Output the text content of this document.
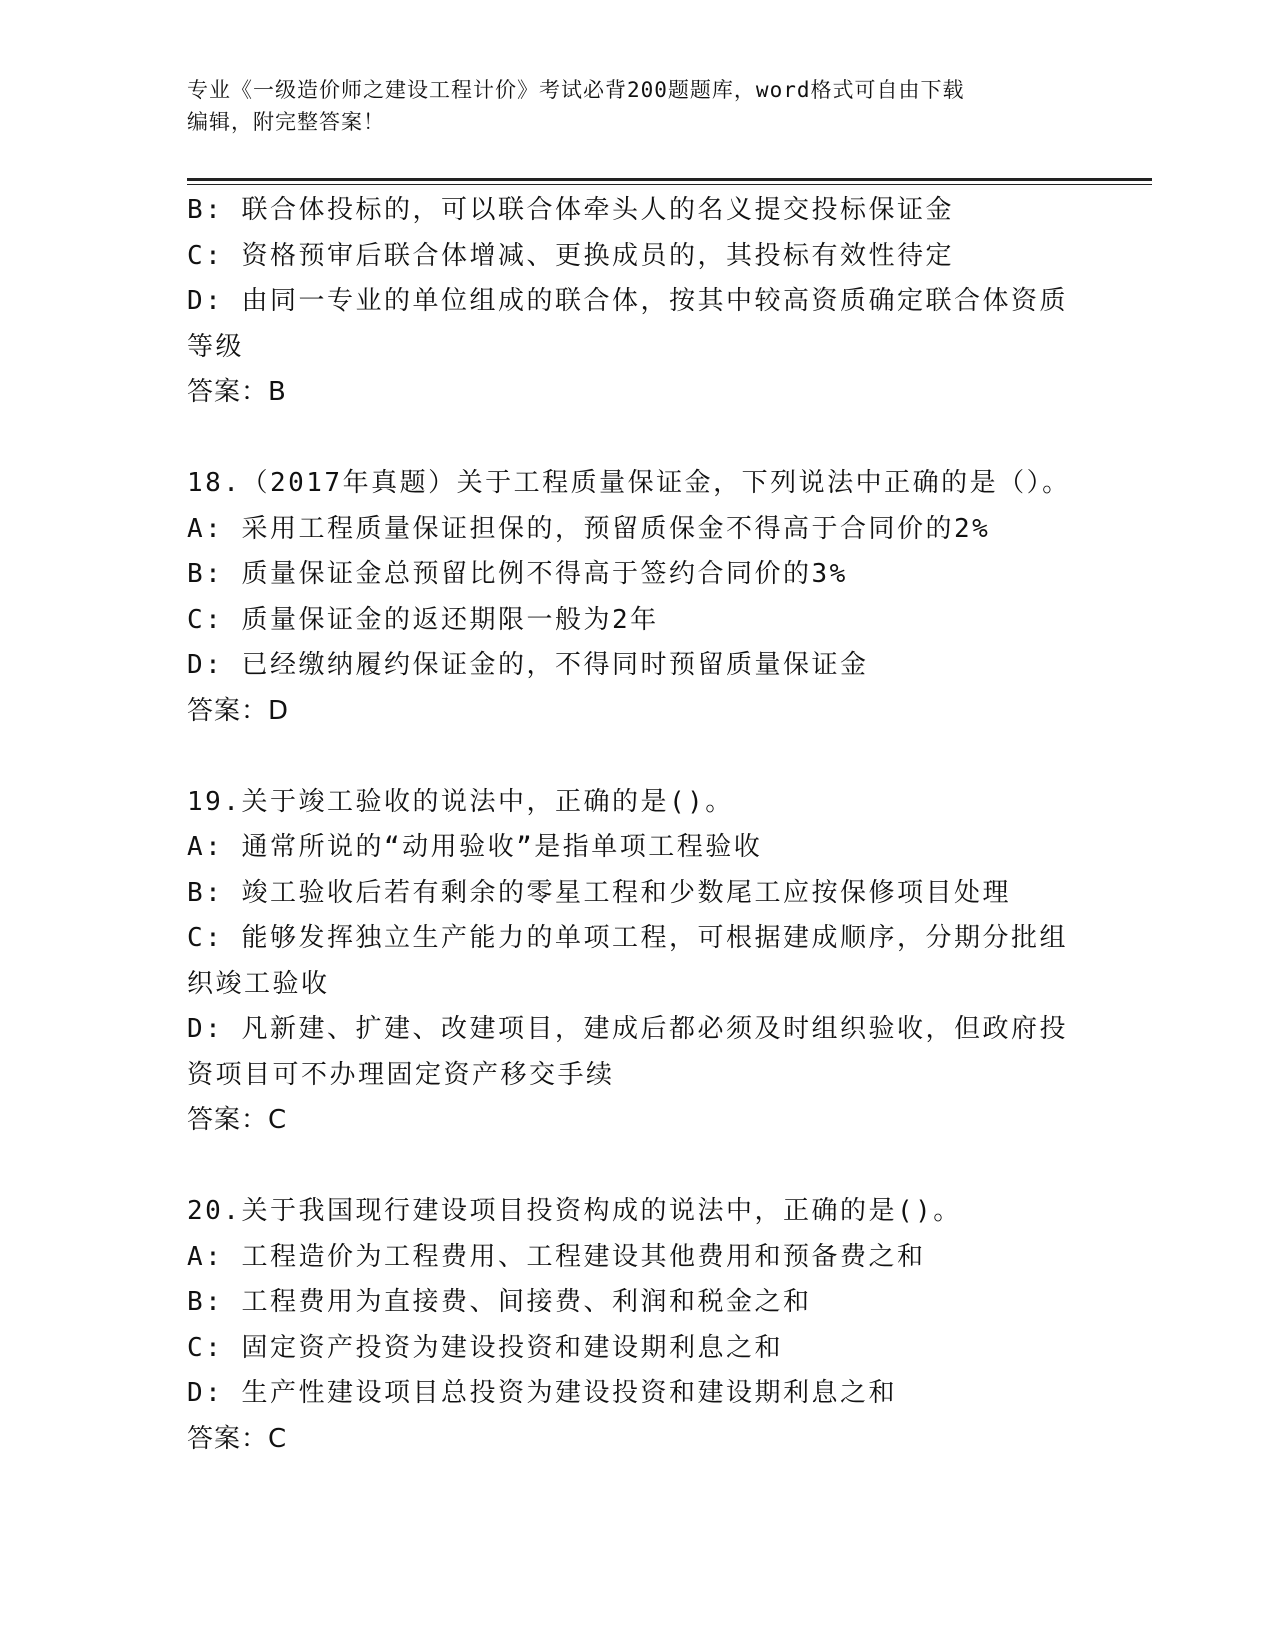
专业《一级造价师之建设工程计价》考试必背200题题库，word格式可自由下载
编辑，附完整答案！
B: 联合体投标的，可以联合体牵头人的名义提交投标保证金
C: 资格预审后联合体增减、更换成员的，其投标有效性待定
D: 由同一专业的单位组成的联合体，按其中较高资质确定联合体资质
等级
答案：B
18.（2017年真题）关于工程质量保证金，下列说法中正确的是（）。
A: 采用工程质量保证担保的，预留质保金不得高于合同价的2%
B: 质量保证金总预留比例不得高于签约合同价的3%
C: 质量保证金的返还期限一般为2年
D: 已经缴纳履约保证金的，不得同时预留质量保证金
答案：D
19.关于竣工验收的说法中，正确的是()。
A: 通常所说的“动用验收”是指单项工程验收
B: 竣工验收后若有剩余的零星工程和少数尾工应按保修项目处理
C: 能够发挥独立生产能力的单项工程，可根据建成顺序，分期分批组
织竣工验收
D: 凡新建、扩建、改建项目，建成后都必须及时组织验收，但政府投
资项目可不办理固定资产移交手续
答案：C
20.关于我国现行建设项目投资构成的说法中，正确的是()。
A: 工程造价为工程费用、工程建设其他费用和预备费之和
B: 工程费用为直接费、间接费、利润和税金之和
C: 固定资产投资为建设投资和建设期利息之和
D: 生产性建设项目总投资为建设投资和建设期利息之和
答案：C
